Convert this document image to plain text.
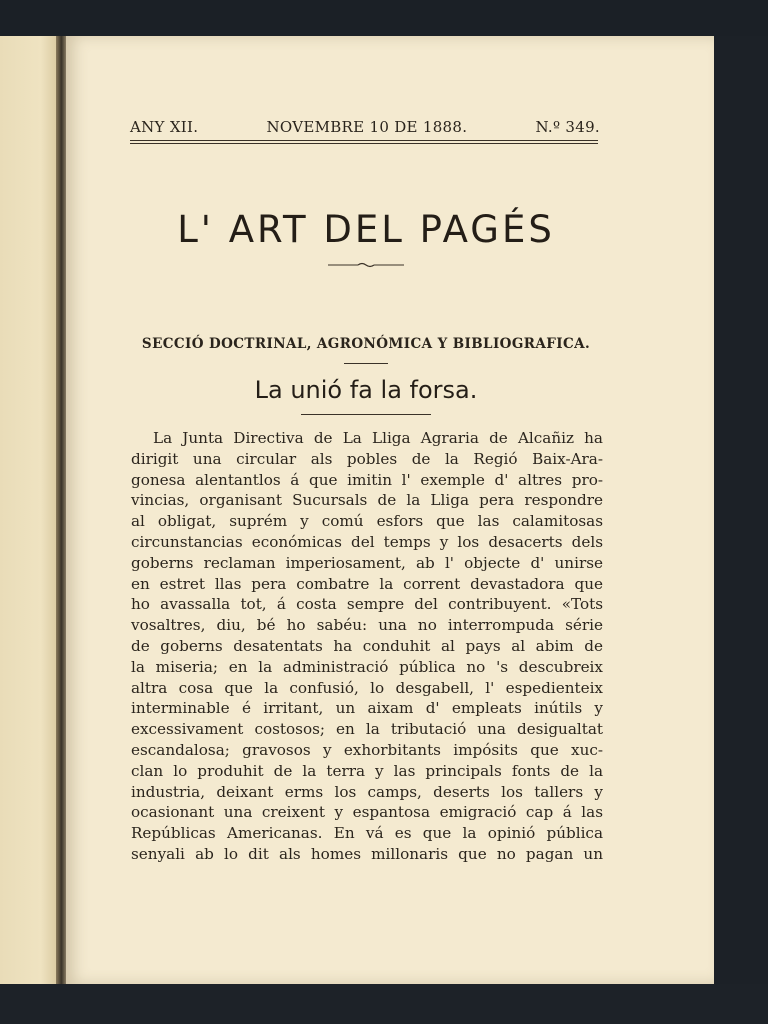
ANY XII.	NOVEMBRE 10 DE 1888.	N.º 349.
L' ART DEL PAGÉS
SECCIÓ DOCTRINAL, AGRONÓMICA Y BIBLIOGRAFICA.
La unió fa la forsa.
La Junta Directiva de La Lliga Agraria de Alcañiz ha
dirigit una circular als pobles de la Regió Baix-Ara-
gonesa alentantlos á que imitin l' exemple d' altres pro-
vincias, organisant Sucursals de la Lliga pera respondre
al obligat, suprém y comú esfors que las calamitosas
circunstancias económicas del temps y los desacerts dels
goberns reclaman imperiosament, ab l' objecte d' unirse
en estret llas pera combatre la corrent devastadora que
ho avassalla tot, á costa sempre del contribuyent. «Tots
vosaltres, diu, bé ho sabéu: una no interrompuda série
de goberns desatentats ha conduhit al pays al abim de
la miseria; en la administració pública no 's descubreix
altra cosa que la confusió, lo desgabell, l' espedienteix
interminable é irritant, un aixam d' empleats inútils y
excessivament costosos; en la tributació una desigualtat
escandalosa; gravosos y exhorbitants impósits que xuc-
clan lo produhit de la terra y las principals fonts de la
industria, deixant erms los camps, deserts los tallers y
ocasionant una creixent y espantosa emigració cap á las
Repúblicas Americanas. En vá es que la opinió pública
senyali ab lo dit als homes millonaris que no pagan un
